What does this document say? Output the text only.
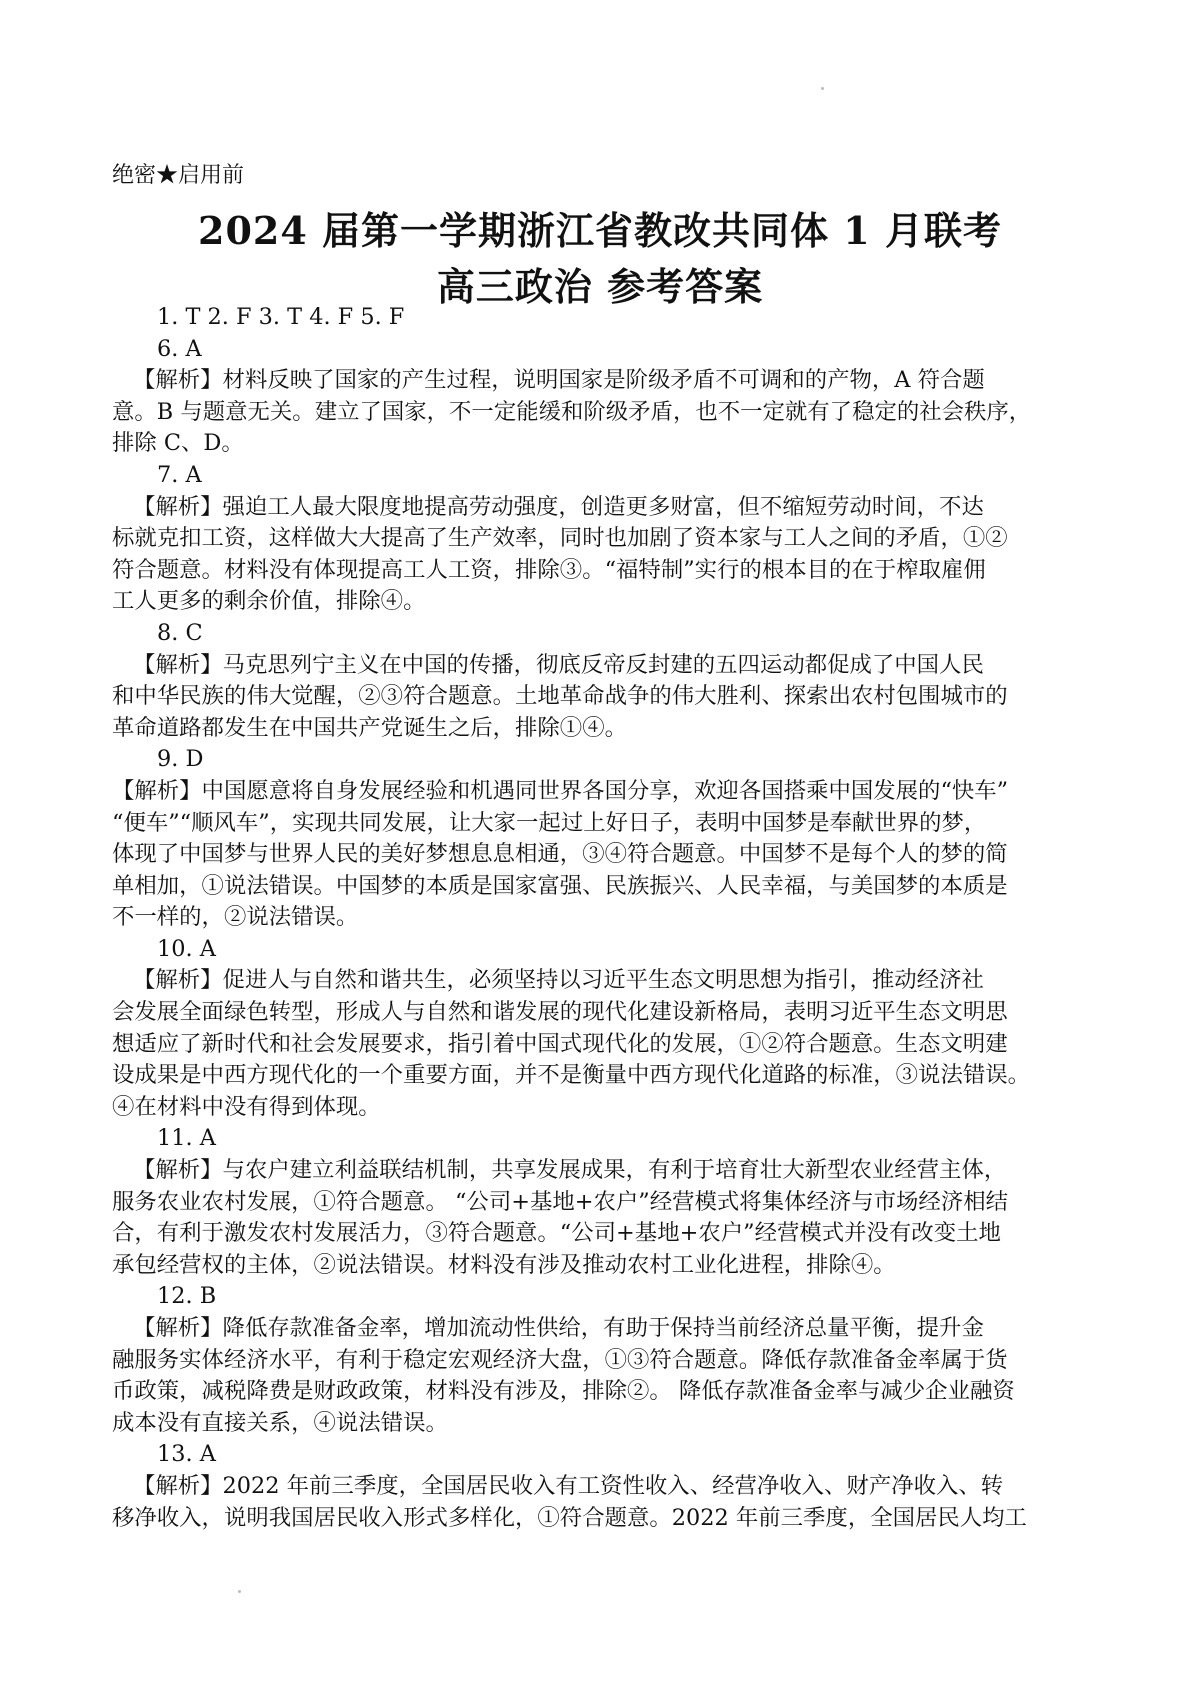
绝密★启用前
2024 届第一学期浙江省教改共同体 1 月联考
高三政治 参考答案
1. T 2. F 3. T 4. F 5. F
6. A
【解析】材料反映了国家的产生过程，说明国家是阶级矛盾不可调和的产物，A 符合题
意。B 与题意无关。建立了国家，不一定能缓和阶级矛盾，也不一定就有了稳定的社会秩序，
排除 C、D。
7. A
【解析】强迫工人最大限度地提高劳动强度，创造更多财富，但不缩短劳动时间，不达
标就克扣工资，这样做大大提高了生产效率，同时也加剧了资本家与工人之间的矛盾，①②
符合题意。材料没有体现提高工人工资，排除③。“福特制”实行的根本目的在于榨取雇佣
工人更多的剩余价值，排除④。
8. C
【解析】马克思列宁主义在中国的传播，彻底反帝反封建的五四运动都促成了中国人民
和中华民族的伟大觉醒，②③符合题意。土地革命战争的伟大胜利、探索出农村包围城市的
革命道路都发生在中国共产党诞生之后，排除①④。
9. D
【解析】中国愿意将自身发展经验和机遇同世界各国分享，欢迎各国搭乘中国发展的“快车”
“便车”“顺风车”，实现共同发展，让大家一起过上好日子，表明中国梦是奉献世界的梦，
体现了中国梦与世界人民的美好梦想息息相通，③④符合题意。中国梦不是每个人的梦的简
单相加，①说法错误。中国梦的本质是国家富强、民族振兴、人民幸福，与美国梦的本质是
不一样的，②说法错误。
10. A
【解析】促进人与自然和谐共生，必须坚持以习近平生态文明思想为指引，推动经济社
会发展全面绿色转型，形成人与自然和谐发展的现代化建设新格局，表明习近平生态文明思
想适应了新时代和社会发展要求，指引着中国式现代化的发展，①②符合题意。生态文明建
设成果是中西方现代化的一个重要方面，并不是衡量中西方现代化道路的标准，③说法错误。
④在材料中没有得到体现。
11. A
【解析】与农户建立利益联结机制，共享发展成果，有利于培育壮大新型农业经营主体，
服务农业农村发展，①符合题意。 “公司+基地+农户”经营模式将集体经济与市场经济相结
合，有利于激发农村发展活力，③符合题意。“公司+基地+农户”经营模式并没有改变土地
承包经营权的主体，②说法错误。材料没有涉及推动农村工业化进程，排除④。
12. B
【解析】降低存款准备金率，增加流动性供给，有助于保持当前经济总量平衡，提升金
融服务实体经济水平，有利于稳定宏观经济大盘，①③符合题意。降低存款准备金率属于货
币政策，减税降费是财政政策，材料没有涉及，排除②。 降低存款准备金率与减少企业融资
成本没有直接关系，④说法错误。
13. A
【解析】2022 年前三季度，全国居民收入有工资性收入、经营净收入、财产净收入、转
移净收入，说明我国居民收入形式多样化，①符合题意。2022 年前三季度，全国居民人均工
